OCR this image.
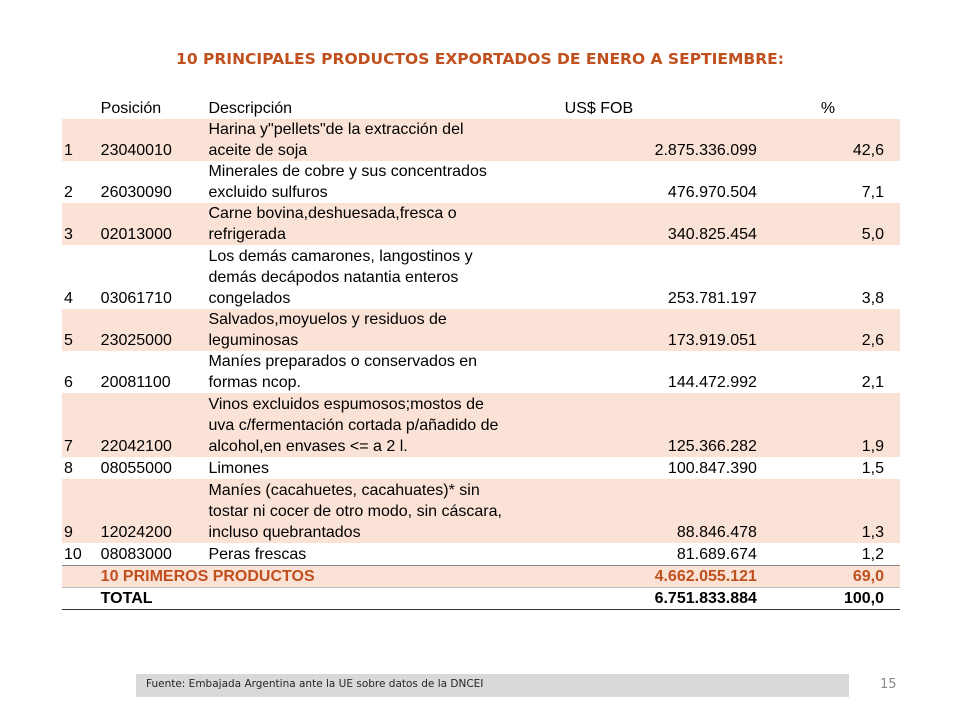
10 PRINCIPALES PRODUCTOS EXPORTADOS DE ENERO A SEPTIEMBRE:
	Posición	Descripción	US$ FOB	%
1	23040010	Harina y"pellets"de la extracción del aceite de soja	2.875.336.099	42,6
2	26030090	Minerales de cobre y sus concentrados excluido sulfuros	476.970.504	7,1
3	02013000	Carne bovina,deshuesada,fresca o refrigerada	340.825.454	5,0
4	03061710	Los demás camarones, langostinos y demás decápodos natantia enteros congelados	253.781.197	3,8
5	23025000	Salvados,moyuelos y residuos de leguminosas	173.919.051	2,6
6	20081100	Maníes preparados o conservados en formas ncop.	144.472.992	2,1
7	22042100	Vinos excluidos espumosos;mostos de uva c/fermentación cortada p/añadido de alcohol,en envases <= a 2 l.	125.366.282	1,9
8	08055000	Limones	100.847.390	1,5
9	12024200	Maníes (cacahuetes, cacahuates)* sin tostar ni cocer de otro modo, sin cáscara, incluso quebrantados	88.846.478	1,3
10	08083000	Peras frescas	81.689.674	1,2
	10 PRIMEROS PRODUCTOS		4.662.055.121	69,0
	TOTAL		6.751.833.884	100,0
Fuente: Embajada Argentina ante la UE sobre datos de la DNCEI	15
